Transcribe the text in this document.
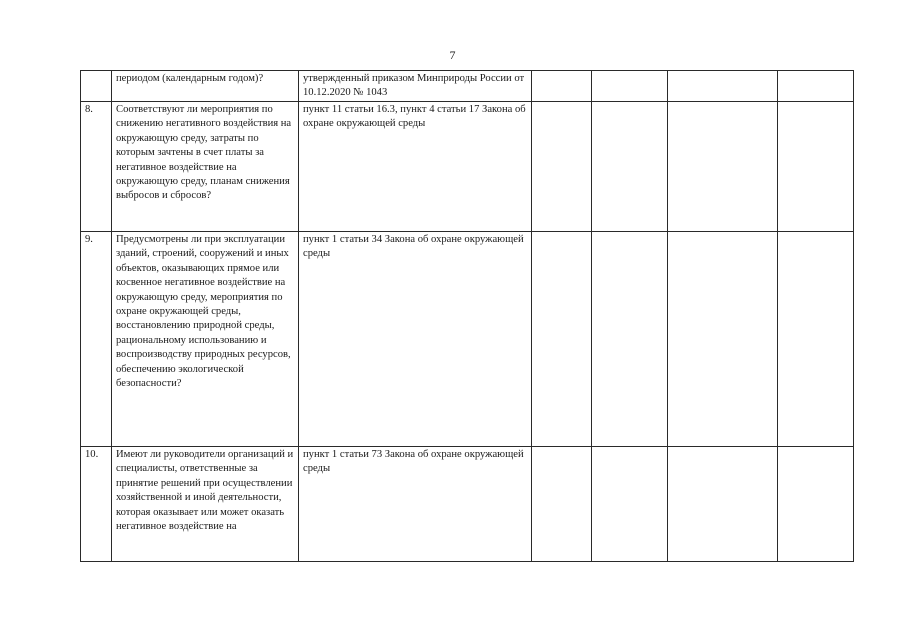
7
	периодом (календарным годом)?	утвержденный приказом Минприроды России от 10.12.2020 № 1043				
8.	Соответствуют ли мероприятия по снижению негативного воздействия на окружающую среду, затраты по которым зачтены в счет платы за негативное воздействие на окружающую среду, планам снижения выбросов и сбросов?	пункт 11 статьи 16.3, пункт 4 статьи 17 Закона об охране окружающей среды				
9.	Предусмотрены ли при эксплуатации зданий, строений, сооружений и иных объектов, оказывающих прямое или косвенное негативное воздействие на окружающую среду, мероприятия по охране окружающей среды, восстановлению природной среды, рациональному использованию и воспроизводству природных ресурсов, обеспечению экологической безопасности?	пункт 1 статьи 34 Закона об охране окружающей среды				
10.	Имеют ли руководители организаций и специалисты, ответственные за принятие решений при осуществлении хозяйственной и иной деятельности, которая оказывает или может оказать негативное воздействие на	пункт 1 статьи 73 Закона об охране окружающей среды				
